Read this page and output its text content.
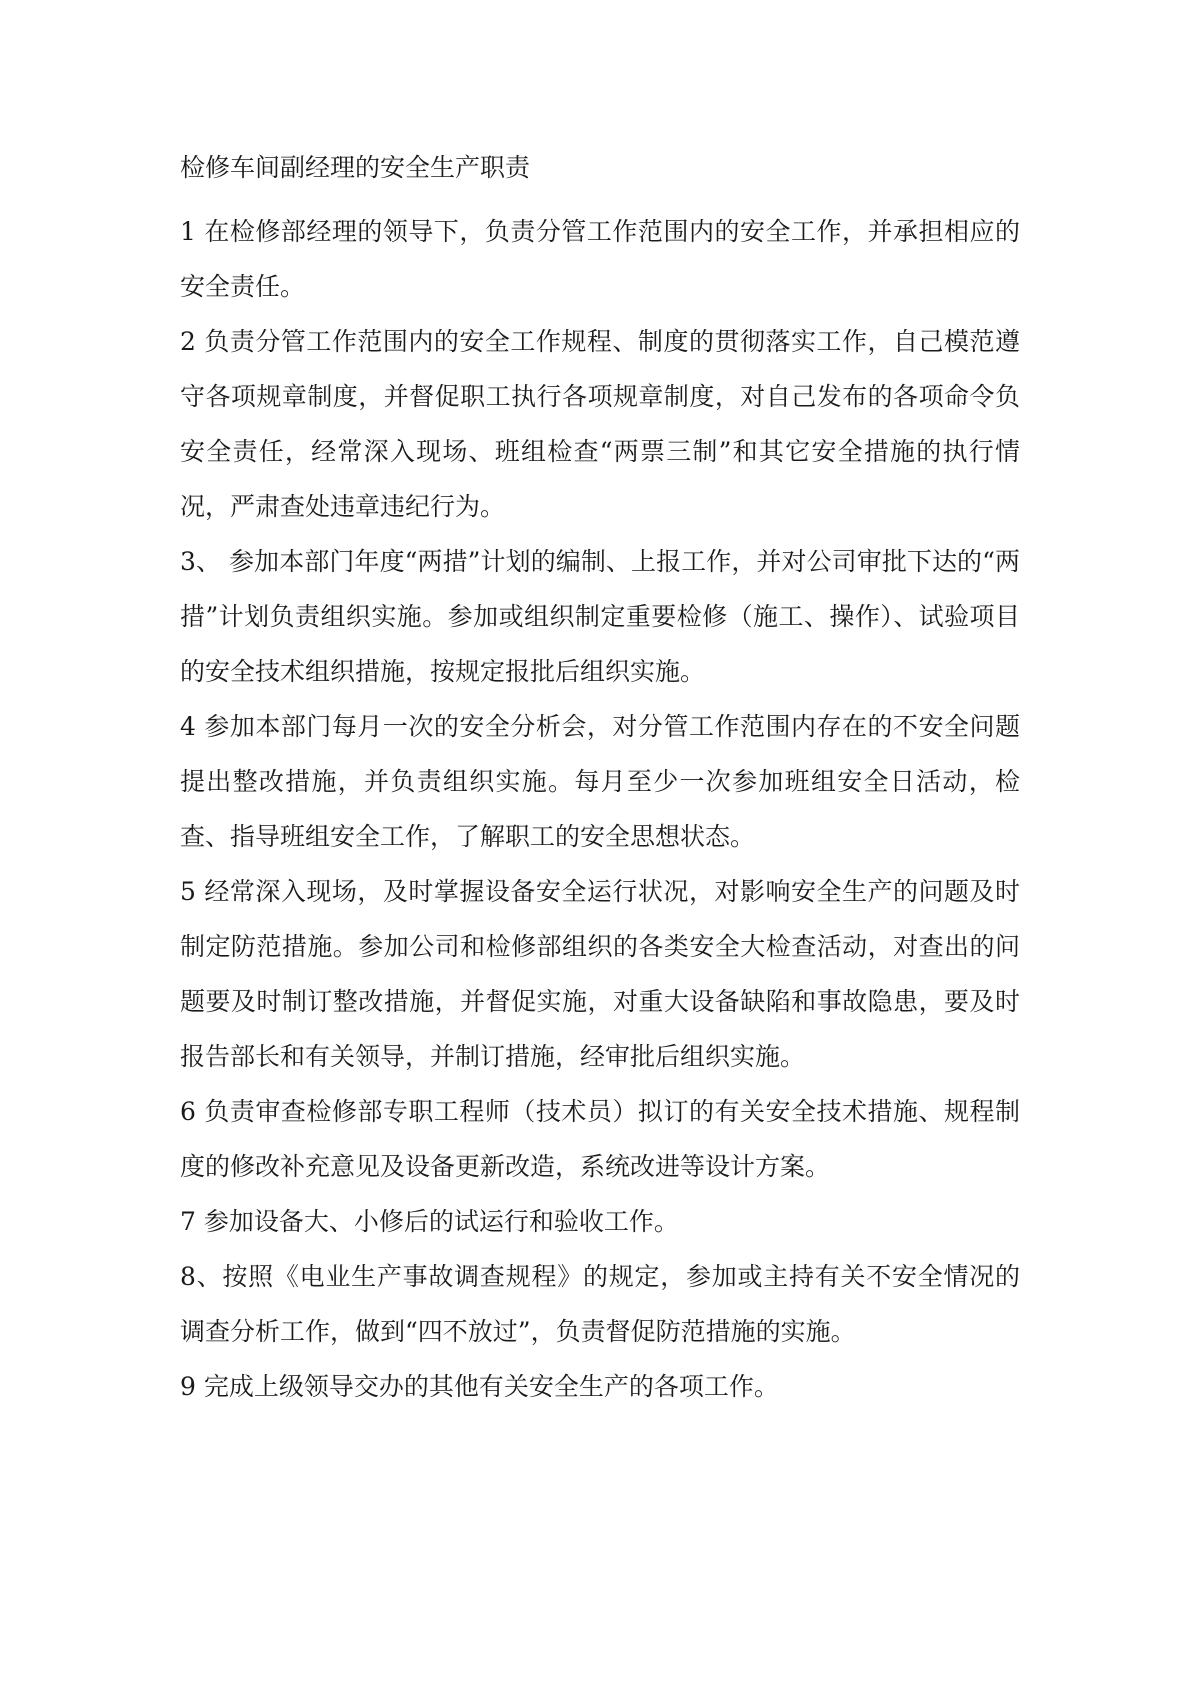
检修车间副经理的安全生产职责

1 在检修部经理的领导下，负责分管工作范围内的安全工作，并承担相应的安全责任。

2 负责分管工作范围内的安全工作规程、制度的贯彻落实工作，自己模范遵守各项规章制度，并督促职工执行各项规章制度，对自己发布的各项命令负安全责任，经常深入现场、班组检查“两票三制”和其它安全措施的执行情况，严肃查处违章违纪行为。

3、 参加本部门年度“两措”计划的编制、上报工作，并对公司审批下达的“两措”计划负责组织实施。参加或组织制定重要检修（施工、操作）、试验项目的安全技术组织措施，按规定报批后组织实施。

4 参加本部门每月一次的安全分析会，对分管工作范围内存在的不安全问题提出整改措施，并负责组织实施。每月至少一次参加班组安全日活动，检查、指导班组安全工作，了解职工的安全思想状态。

5 经常深入现场，及时掌握设备安全运行状况，对影响安全生产的问题及时制定防范措施。参加公司和检修部组织的各类安全大检查活动，对查出的问题要及时制订整改措施，并督促实施，对重大设备缺陷和事故隐患，要及时报告部长和有关领导，并制订措施，经审批后组织实施。

6 负责审查检修部专职工程师（技术员）拟订的有关安全技术措施、规程制度的修改补充意见及设备更新改造，系统改进等设计方案。

7 参加设备大、小修后的试运行和验收工作。

8、按照《电业生产事故调查规程》的规定，参加或主持有关不安全情况的调查分析工作，做到“四不放过”，负责督促防范措施的实施。

9 完成上级领导交办的其他有关安全生产的各项工作。
